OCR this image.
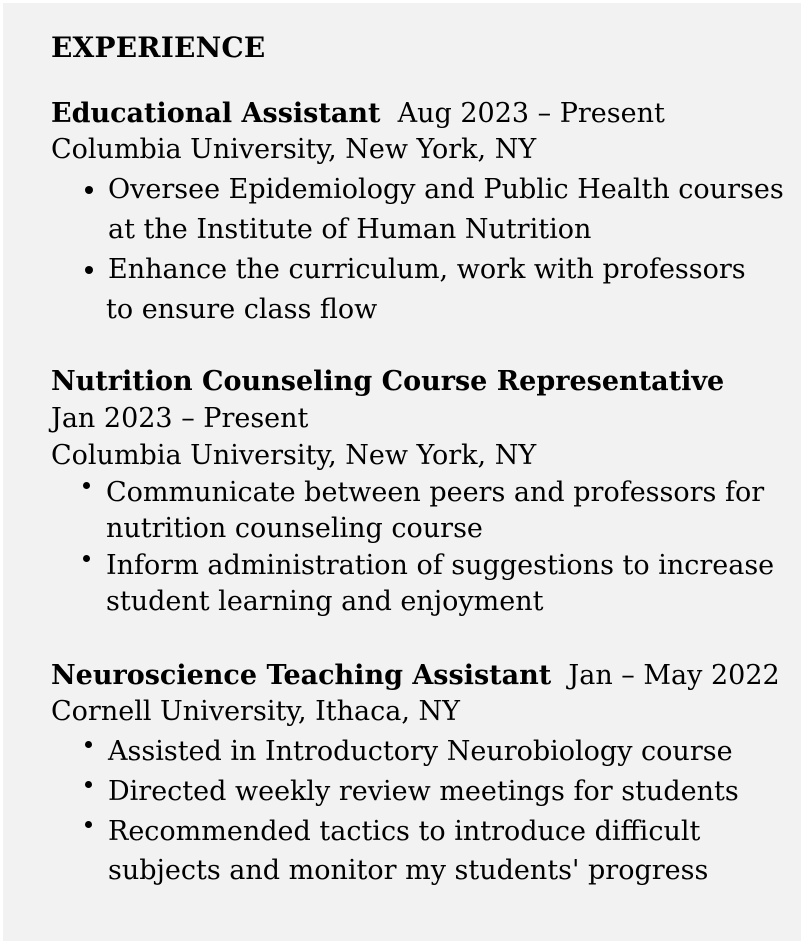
EXPERIENCE
Educational Assistant Aug 2023 – Present
Columbia University, New York, NY
Oversee Epidemiology and Public Health courses
at the Institute of Human Nutrition
Enhance the curriculum, work with professors
to ensure class flow
Nutrition Counseling Course Representative
Jan 2023 – Present
Columbia University, New York, NY
Communicate between peers and professors for
nutrition counseling course
Inform administration of suggestions to increase
student learning and enjoyment
Neuroscience Teaching Assistant Jan – May 2022
Cornell University, Ithaca, NY
Assisted in Introductory Neurobiology course
Directed weekly review meetings for students
Recommended tactics to introduce difficult
subjects and monitor my students' progress
